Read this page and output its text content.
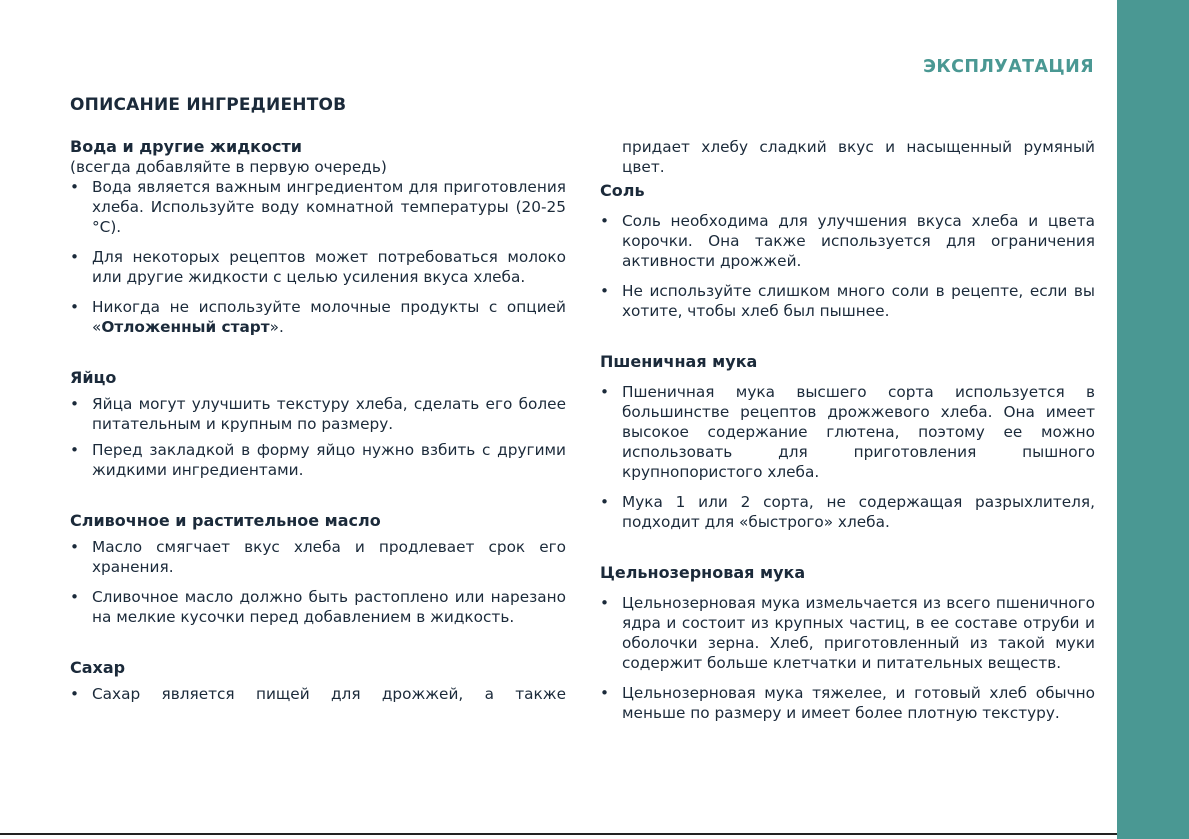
ЭКСПЛУАТАЦИЯ
ОПИСАНИЕ ИНГРЕДИЕНТОВ

Вода и другие жидкости

(всегда добавляйте в первую очередь)

• Вода является важным ингредиентом для приготовления хлеба. Используйте воду комнатной температуры (20-25 °C).
• Для некоторых рецептов может потребоваться молоко или другие жидкости с целью усиления вкуса хлеба.
• Никогда не используйте молочные продукты с опцией «Отложенный старт».

Яйцо

• Яйца могут улучшить текстуру хлеба, сделать его более питательным и крупным по размеру.
• Перед закладкой в форму яйцо нужно взбить с другими жидкими ингредиентами.

Сливочное и растительное масло

• Масло смягчает вкус хлеба и продлевает срок его хранения.
• Сливочное масло должно быть растоплено или нарезано на мелкие кусочки перед добавлением в жидкость.

Сахар

• Сахар является пищей для дрожжей, а также
придает хлебу сладкий вкус и насыщенный румяный цвет.

Соль

• Соль необходима для улучшения вкуса хлеба и цвета корочки. Она также используется для ограничения активности дрожжей.
• Не используйте слишком много соли в рецепте, если вы хотите, чтобы хлеб был пышнее.

Пшеничная мука

• Пшеничная мука высшего сорта используется в большинстве рецептов дрожжевого хлеба. Она имеет высокое содержание глютена, поэтому ее можно использовать для приготовления пышного крупнопористого хлеба.
• Мука 1 или 2 сорта, не содержащая разрыхлителя, подходит для «быстрого» хлеба.

Цельнозерновая мука

• Цельнозерновая мука измельчается из всего пшеничного ядра и состоит из крупных частиц, в ее составе отруби и оболочки зерна. Хлеб, приготовленный из такой муки содержит больше клетчатки и питательных веществ.
• Цельнозерновая мука тяжелее, и готовый хлеб обычно меньше по размеру и имеет более плотную текстуру.
